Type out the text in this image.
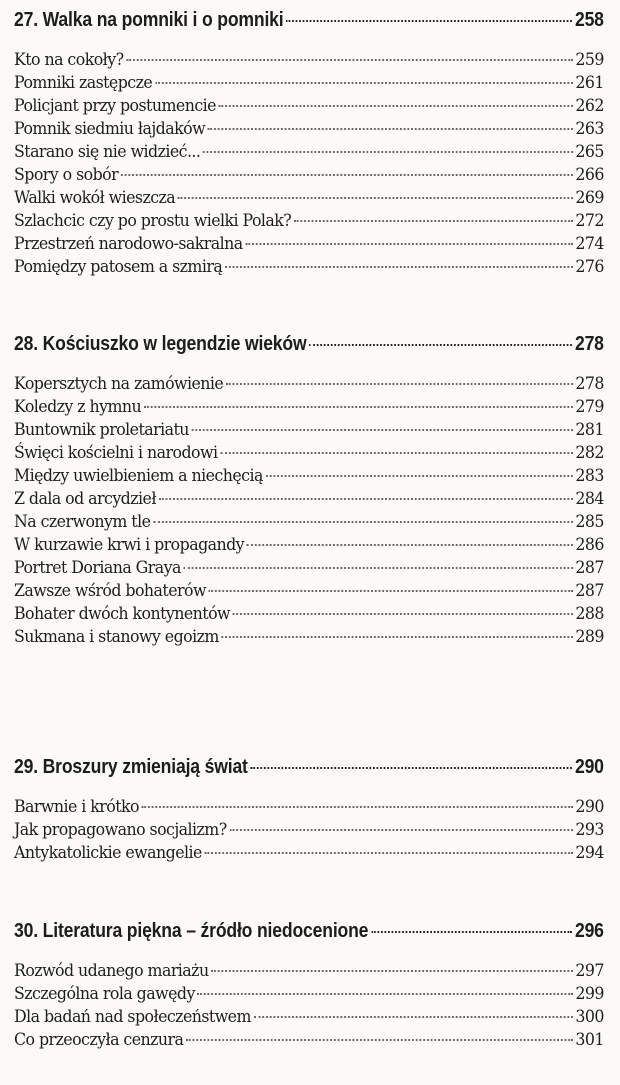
27. Walka na pomniki i o pomniki	258
Kto na cokoły?	259
Pomniki zastępcze	261
Policjant przy postumencie	262
Pomnik siedmiu łajdaków	263
Starano się nie widzieć...	265
Spory o sobór	266
Walki wokół wieszcza	269
Szlachcic czy po prostu wielki Polak?	272
Przestrzeń narodowo-sakralna	274
Pomiędzy patosem a szmirą	276
28. Kościuszko w legendzie wieków	278
Kopersztych na zamówienie	278
Koledzy z hymnu	279
Buntownik proletariatu	281
Święci kościelni i narodowi	282
Między uwielbieniem a niechęcią	283
Z dala od arcydzieł	284
Na czerwonym tle	285
W kurzawie krwi i propagandy	286
Portret Doriana Graya	287
Zawsze wśród bohaterów	287
Bohater dwóch kontynentów	288
Sukmana i stanowy egoizm	289
29. Broszury zmieniają świat	290
Barwnie i krótko	290
Jak propagowano socjalizm?	293
Antykatolickie ewangelie	294
30. Literatura piękna – źródło niedocenione	296
Rozwód udanego mariażu	297
Szczególna rola gawędy	299
Dla badań nad społeczeństwem	300
Co przeoczyła cenzura	301
